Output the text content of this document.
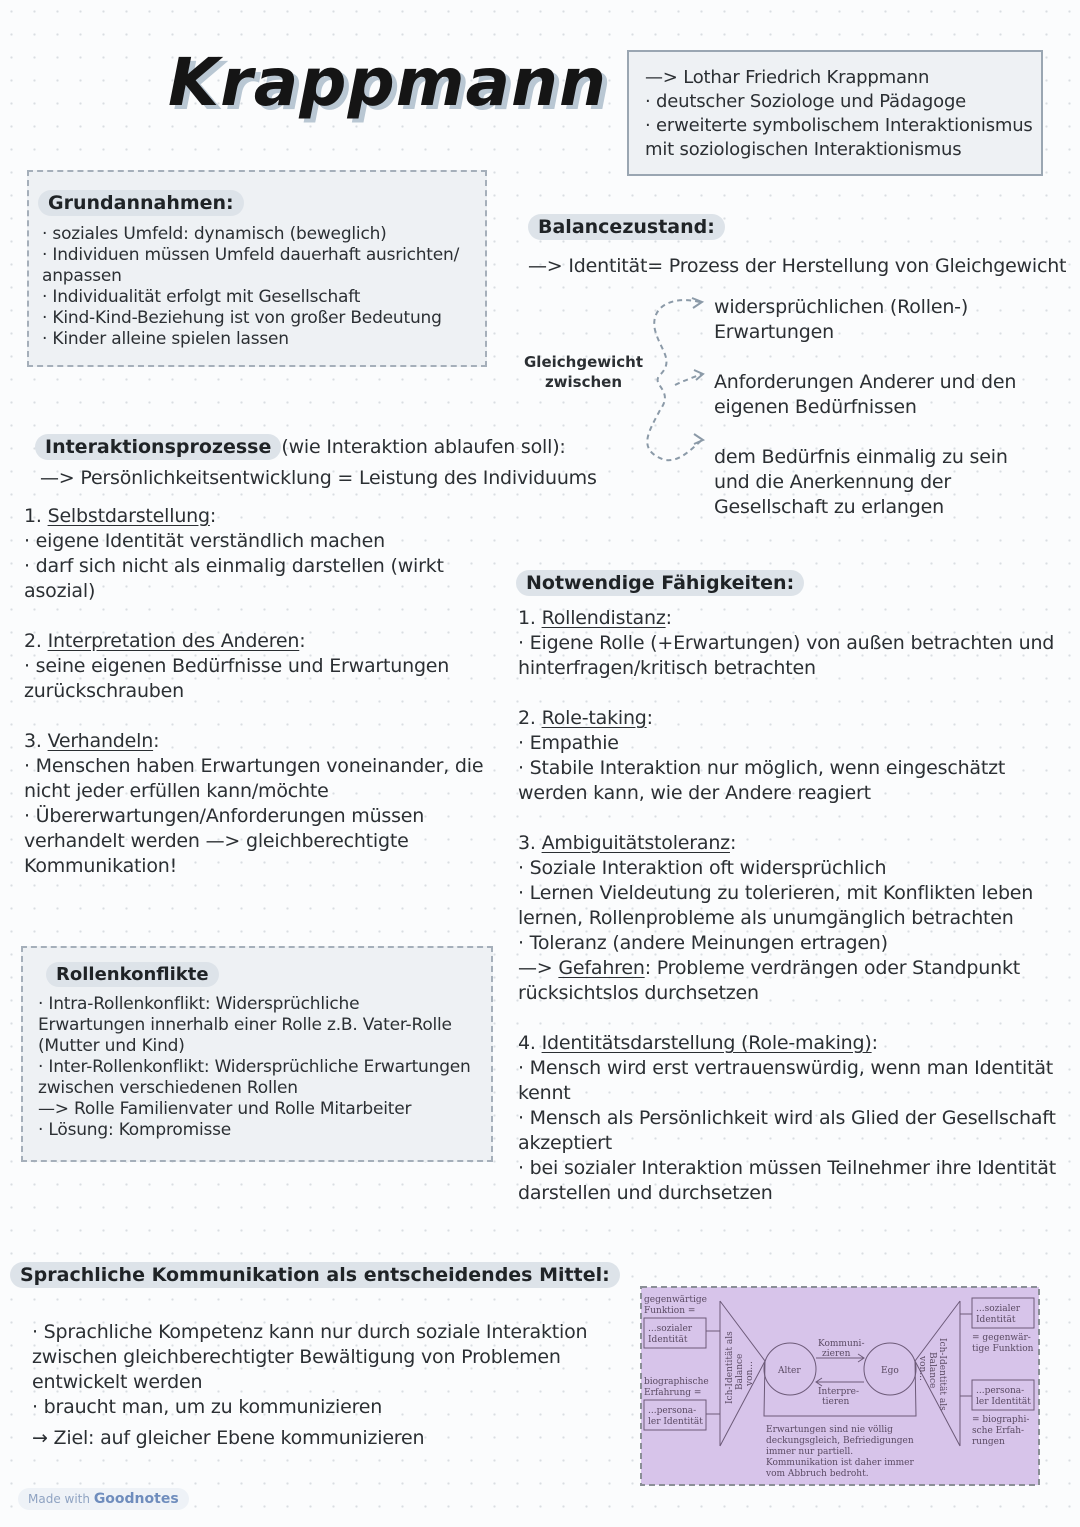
Krappmann —> Lothar Friedrich Krappmann
· deutscher Soziologe und Pädagoge
· erweiterte symbolischem Interaktionismus
mit soziologischen Interaktionismus
Grundannahmen:
· soziales Umfeld: dynamisch (beweglich)
· Individuen müssen Umfeld dauerhaft ausrichten/
anpassen
· Individualität erfolgt mit Gesellschaft
· Kind-Kind-Beziehung ist von großer Bedeutung
· Kinder alleine spielen lassen
Balancezustand:
—> Identität= Prozess der Herstellung von Gleichgewicht
Gleichgewicht
zwischen
widersprüchlichen (Rollen-)
Erwartungen
Anforderungen Anderer und den
eigenen Bedürfnissen
dem Bedürfnis einmalig zu sein
und die Anerkennung der
Gesellschaft zu erlangen
Interaktionsprozesse (wie Interaktion ablaufen soll):
—> Persönlichkeitsentwicklung = Leistung des Individuums
1. Selbstdarstellung:
· eigene Identität verständlich machen
· darf sich nicht als einmalig darstellen (wirkt
asozial)
2. Interpretation des Anderen:
· seine eigenen Bedürfnisse und Erwartungen
zurückschrauben
3. Verhandeln:
· Menschen haben Erwartungen voneinander, die
nicht jeder erfüllen kann/möchte
· Übererwartungen/Anforderungen müssen
verhandelt werden —> gleichberechtigte
Kommunikation!
Notwendige Fähigkeiten:
1. Rollendistanz:
· Eigene Rolle (+Erwartungen) von außen betrachten und
hinterfragen/kritisch betrachten
2. Role-taking:
· Empathie
· Stabile Interaktion nur möglich, wenn eingeschätzt
werden kann, wie der Andere reagiert
3. Ambiguitätstoleranz:
· Soziale Interaktion oft widersprüchlich
· Lernen Vieldeutung zu tolerieren, mit Konflikten leben
lernen, Rollenprobleme als unumgänglich betrachten
· Toleranz (andere Meinungen ertragen)
—> Gefahren: Probleme verdrängen oder Standpunkt
rücksichtslos durchsetzen
4. Identitätsdarstellung (Role-making):
· Mensch wird erst vertrauenswürdig, wenn man Identität
kennt
· Mensch als Persönlichkeit wird als Glied der Gesellschaft
akzeptiert
· bei sozialer Interaktion müssen Teilnehmer ihre Identität
darstellen und durchsetzen
Rollenkonflikte
· Intra-Rollenkonflikt: Widersprüchliche
Erwartungen innerhalb einer Rolle z.B. Vater-Rolle
(Mutter und Kind)
· Inter-Rollenkonflikt: Widersprüchliche Erwartungen
zwischen verschiedenen Rollen
—> Rolle Familienvater und Rolle Mitarbeiter
· Lösung: Kompromisse
Sprachliche Kommunikation als entscheidendes Mittel:
· Sprachliche Kompetenz kann nur durch soziale Interaktion
zwischen gleichberechtigter Bewältigung von Problemen
entwickelt werden
· braucht man, um zu kommunizieren
→ Ziel: auf gleicher Ebene kommunizieren
gegenwärtige
Funktion =
...sozialer
Identität
biographische
Erfahrung =
...persona-
ler Identität
Ich-Identität als Balance von...	Alter	Ego
Kommuni-
zieren
Interpre-
tieren	Ich-Identität als
Balance
von...
...sozialer
Identität
= gegenwär-
tige Funktion
...persona-
ler Identität
= biographi-
sche Erfah-
rungen
Erwartungen sind nie völlig
deckungsgleich, Befriedigungen
immer nur partiell.
Kommunikation ist daher immer
vom Abbruch bedroht.
Made with Goodnotes
